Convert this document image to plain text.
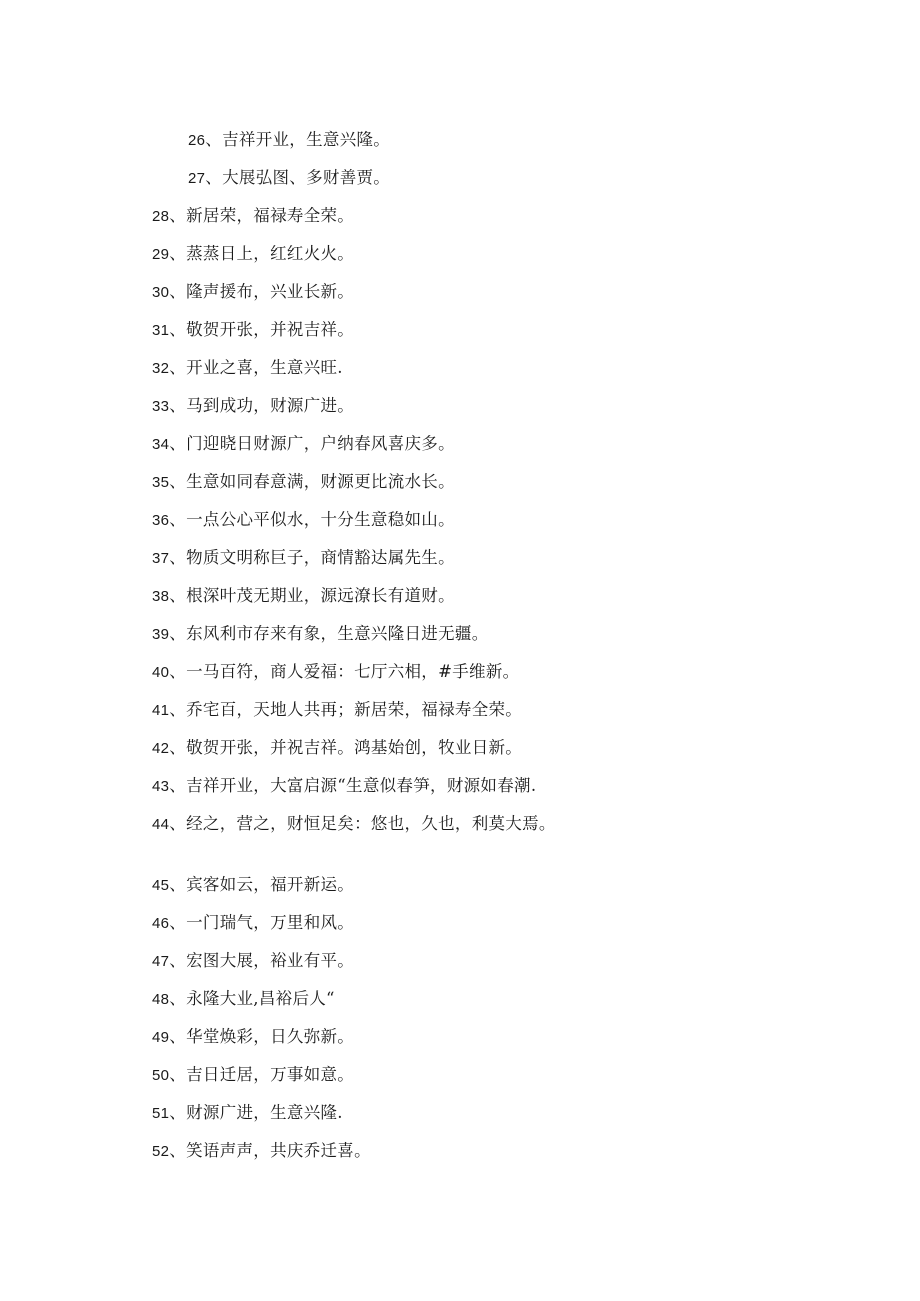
26、吉祥开业，生意兴隆。
27、大展弘图、多财善贾。
28、新居荣，福禄寿全荣。
29、蒸蒸日上，红红火火。
30、隆声援布，兴业长新。
31、敬贺开张，并祝吉祥。
32、开业之喜，生意兴旺.
33、马到成功，财源广进。
34、门迎晓日财源广，户纳春风喜庆多。
35、生意如同春意满，财源更比流水长。
36、一点公心平似水，十分生意稳如山。
37、物质文明称巨子，商情豁达属先生。
38、根深叶茂无期业，源远潦长有道财。
39、东风利市存来有象，生意兴隆日进无疆。
40、一马百符，商人爱福：七厅六相，#手维新。
41、乔宅百，天地人共再；新居荣，福禄寿全荣。
42、敬贺开张，并祝吉祥。鸿基始创，牧业日新。
43、吉祥开业，大富启源“生意似春笋，财源如春潮.
44、经之，营之，财恒足矣：悠也，久也，利莫大焉。
45、宾客如云，福开新运。
46、一门瑞气，万里和风。
47、宏图大展，裕业有平。
48、永隆大业,昌裕后人“
49、华堂焕彩，日久弥新。
50、吉日迁居，万事如意。
51、财源广进，生意兴隆.
52、笑语声声，共庆乔迁喜。
